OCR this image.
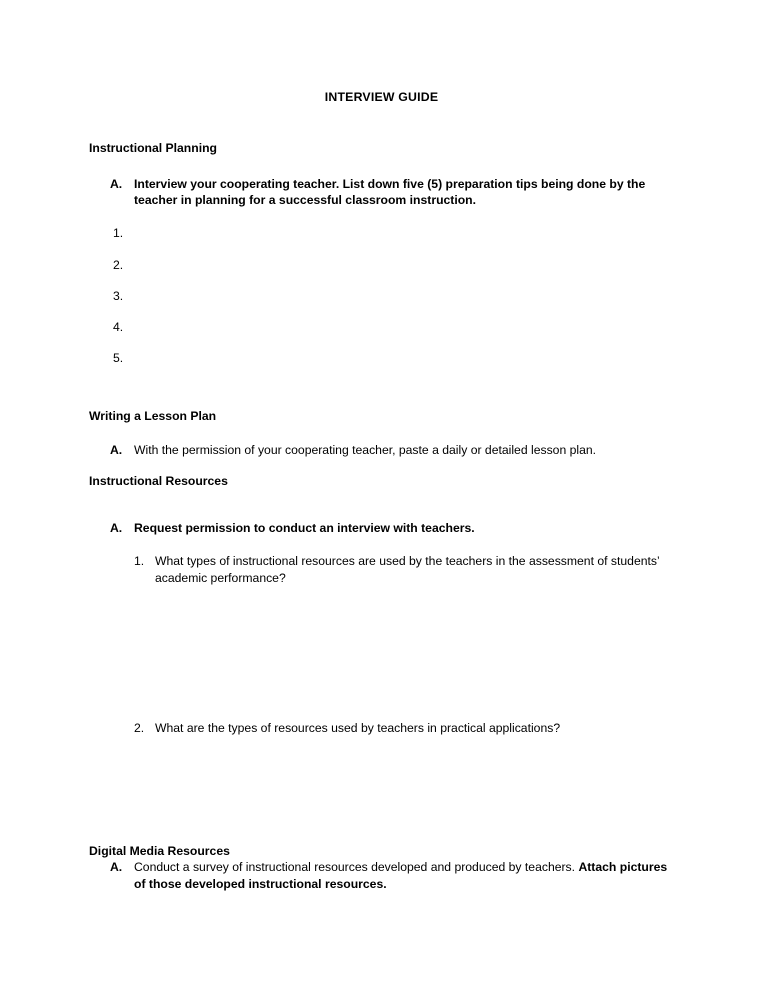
INTERVIEW GUIDE
Instructional Planning
A. Interview your cooperating teacher. List down five (5) preparation tips being done by the teacher in planning for a successful classroom instruction.
1.
2.
3.
4.
5.
Writing a Lesson Plan
A. With the permission of your cooperating teacher, paste a daily or detailed lesson plan.
Instructional Resources
A. Request permission to conduct an interview with teachers.
1. What types of instructional resources are used by the teachers in the assessment of students’ academic performance?
2. What are the types of resources used by teachers in practical applications?
Digital Media Resources
A. Conduct a survey of instructional resources developed and produced by teachers. Attach pictures of those developed instructional resources.
